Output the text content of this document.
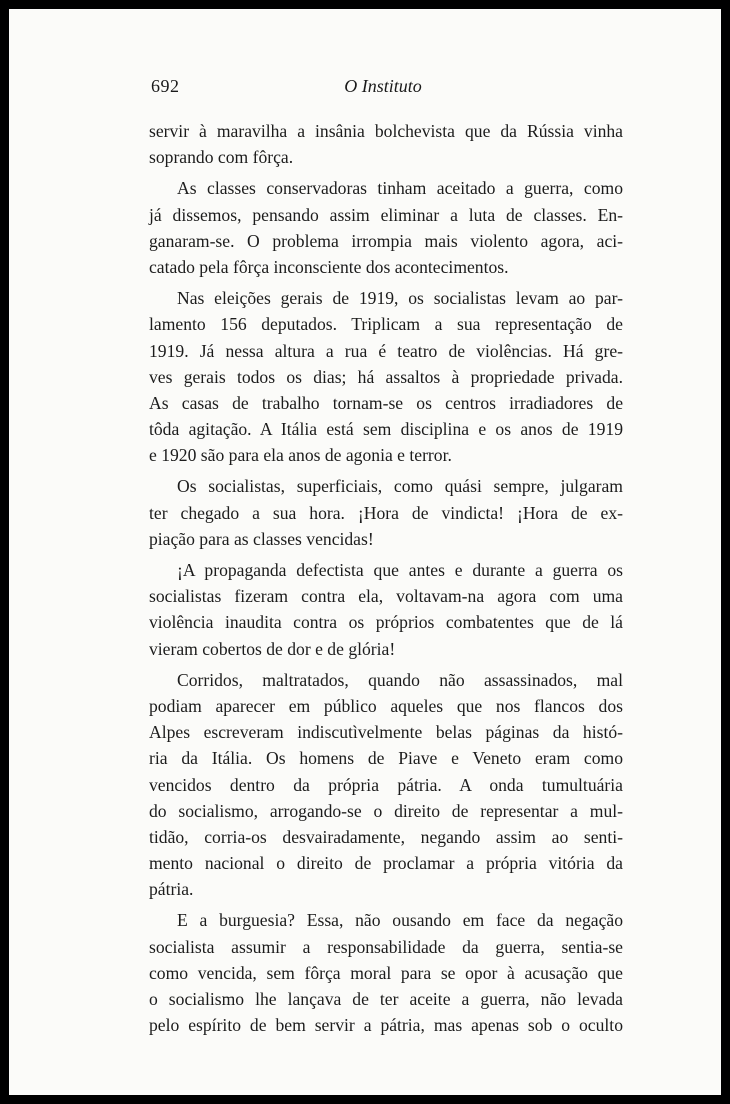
692	O Instituto
servir à maravilha a insânia bolchevista que da Rússia vinha
soprando com fôrça.
As classes conservadoras tinham aceitado a guerra, como
já dissemos, pensando assim eliminar a luta de classes. En-
ganaram-se. O problema irrompia mais violento agora, aci-
catado pela fôrça inconsciente dos acontecimentos.
Nas eleições gerais de 1919, os socialistas levam ao par-
lamento 156 deputados. Triplicam a sua representação de
1919. Já nessa altura a rua é teatro de violências. Há gre-
ves gerais todos os dias; há assaltos à propriedade privada.
As casas de trabalho tornam-se os centros irradiadores de
tôda agitação. A Itália está sem disciplina e os anos de 1919
e 1920 são para ela anos de agonia e terror.
Os socialistas, superficiais, como quási sempre, julgaram
ter chegado a sua hora. ¡Hora de vindicta! ¡Hora de ex-
piação para as classes vencidas!
¡A propaganda defectista que antes e durante a guerra os
socialistas fizeram contra ela, voltavam-na agora com uma
violência inaudita contra os próprios combatentes que de lá
vieram cobertos de dor e de glória!
Corridos, maltratados, quando não assassinados, mal
podiam aparecer em público aqueles que nos flancos dos
Alpes escreveram indiscutìvelmente belas páginas da histó-
ria da Itália. Os homens de Piave e Veneto eram como
vencidos dentro da própria pátria. A onda tumultuária
do socialismo, arrogando-se o direito de representar a mul-
tidão, corria-os desvairadamente, negando assim ao senti-
mento nacional o direito de proclamar a própria vitória da
pátria.
E a burguesia? Essa, não ousando em face da negação
socialista assumir a responsabilidade da guerra, sentia-se
como vencida, sem fôrça moral para se opor à acusação que
o socialismo lhe lançava de ter aceite a guerra, não levada
pelo espírito de bem servir a pátria, mas apenas sob o oculto
